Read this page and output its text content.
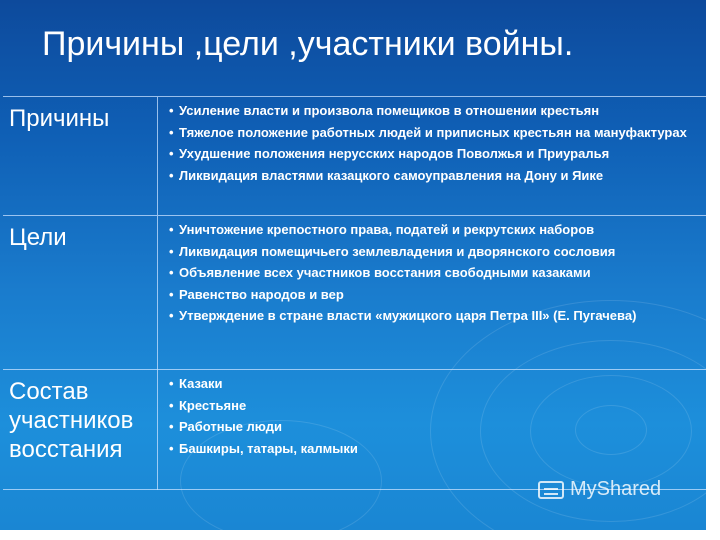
Причины ,цели ,участники войны.
Причины	• Усиление власти и произвола помещиков в отношении крестьян
• Тяжелое положение работных людей и приписных крестьян на мануфактурах
• Ухудшение положения нерусских народов Поволжья и Приуралья
• Ликвидация властями казацкого самоуправления на Дону и Яике
Цели	• Уничтожение крепостного права, податей и рекрутских наборов
• Ликвидация помещичьего землевладения и дворянского сословия
• Объявление всех участников восстания свободными казаками
• Равенство народов и вер
• Утверждение в стране власти «мужицкого царя Петра III» (Е. Пугачева)
Состав участников восстания
• Казаки
• Крестьяне
• Работные люди
• Башкиры, татары, калмыки
MyShared
